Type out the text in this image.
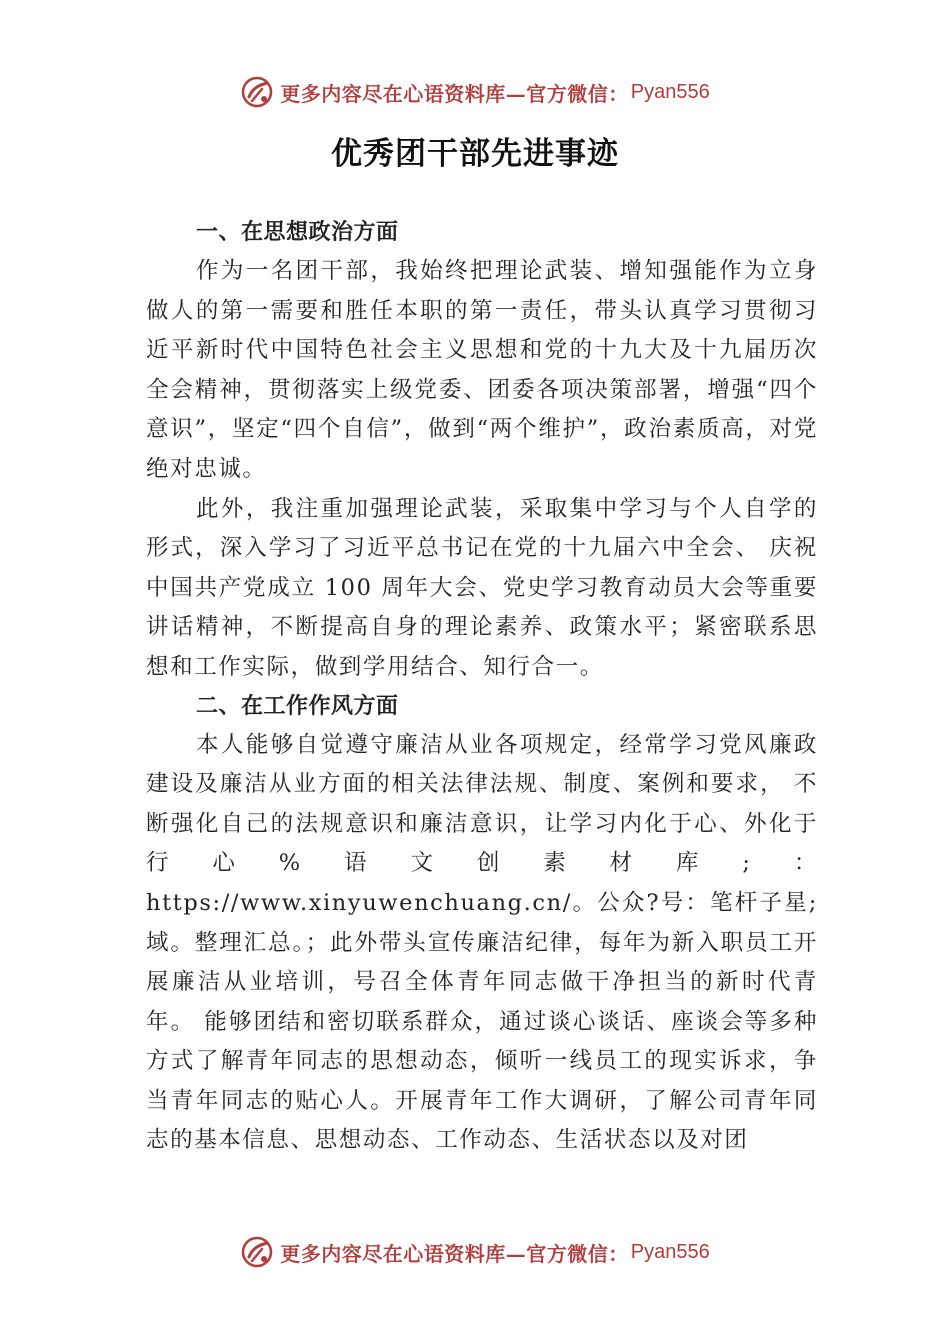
更多内容尽在心语资料库—官方微信： Pyan556
优秀团干部先进事迹
一、在思想政治方面

作为一名团干部，我始终把理论武装、增知强能作为立身做人的第一需要和胜任本职的第一责任，带头认真学习贯彻习近平新时代中国特色社会主义思想和党的十九大及十九届历次全会精神，贯彻落实上级党委、团委各项决策部署，增强“四个意识”，坚定“四个自信”，做到“两个维护”，政治素质高，对党绝对忠诚。

此外，我注重加强理论武装，采取集中学习与个人自学的形式，深入学习了习近平总书记在党的十九届六中全会、 庆祝中国共产党成立 100 周年大会、党史学习教育动员大会等重要讲话精神，不断提高自身的理论素养、政策水平；紧密联系思想和工作实际，做到学用结合、知行合一。

二、在工作作风方面

本人能够自觉遵守廉洁从业各项规定，经常学习党风廉政建设及廉洁从业方面的相关法律法规、制度、案例和要求， 不断强化自己的法规意识和廉洁意识，让学习内化于心、外化于行心%语文创素材库;：https://www.xinyuwenchuang.cn/。公众?号：笔杆子星;域。整理汇总。；此外带头宣传廉洁纪律，每年为新入职员工开展廉洁从业培训，号召全体青年同志做干净担当的新时代青年。 能够团结和密切联系群众，通过谈心谈话、座谈会等多种方式了解青年同志的思想动态，倾听一线员工的现实诉求，争当青年同志的贴心人。开展青年工作大调研，了解公司青年同志的基本信息、思想动态、工作动态、生活状态以及对团

更多内容尽在心语资料库—官方微信： Pyan556
